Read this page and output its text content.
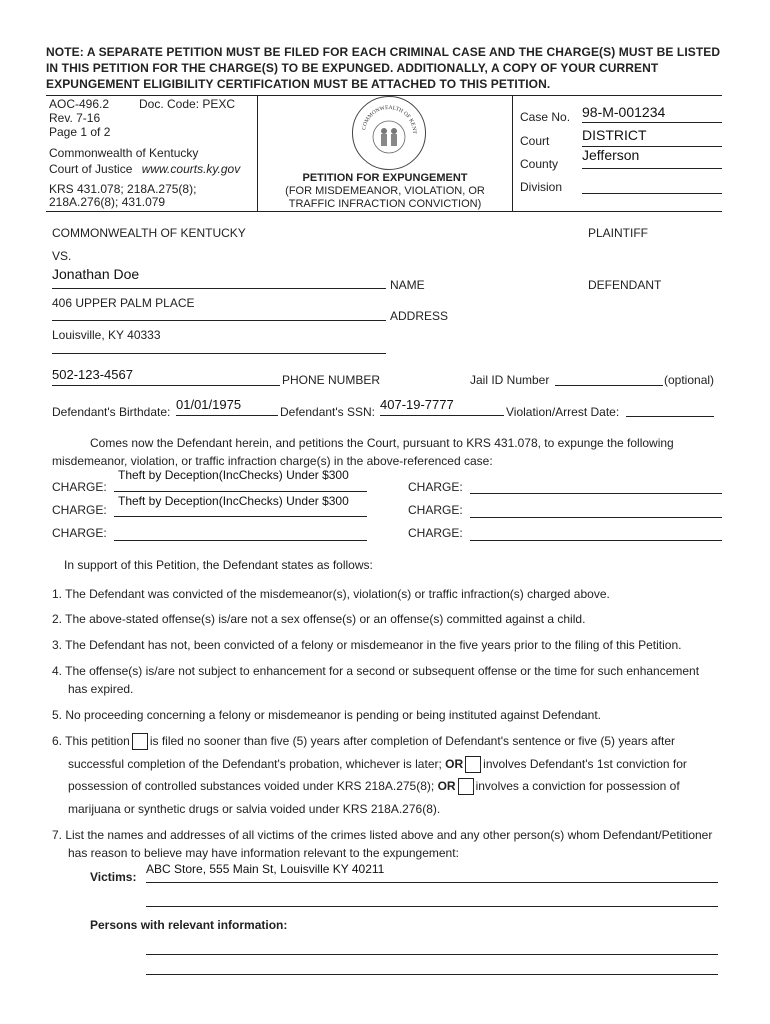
NOTE: A SEPARATE PETITION MUST BE FILED FOR EACH CRIMINAL CASE AND THE CHARGE(S) MUST BE LISTED IN THIS PETITION FOR THE CHARGE(S) TO BE EXPUNGED. ADDITIONALLY, A COPY OF YOUR CURRENT EXPUNGEMENT ELIGIBILITY CERTIFICATION MUST BE ATTACHED TO THIS PETITION.
AOC-496.2 Doc. Code: PEXC
Rev. 7-16
Page 1 of 2
Commonwealth of Kentucky
Court of Justice www.courts.ky.gov
KRS 431.078; 218A.275(8);
218A.276(8); 431.079
COMMONWEALTH OF KENT
PETITION FOR EXPUNGEMENT
(FOR MISDEMEANOR, VIOLATION, OR
TRAFFIC INFRACTION CONVICTION)
Case No. 98-M-001234
Court DISTRICT
County
Jefferson
Division
COMMONWEALTH OF KENTUCKY	PLAINTIFF
VS.
Jonathan Doe
NAME	DEFENDANT
406 UPPER PALM PLACE
ADDRESS
Louisville, KY 40333
502-123-4567	PHONE NUMBER	Jail ID Number	(optional)
Defendant's Birthdate: 01/01/1975	Defendant's SSN: 407-19-7777	Violation/Arrest Date:
Comes now the Defendant herein, and petitions the Court, pursuant to KRS 431.078, to expunge the following
misdemeanor, violation, or traffic infraction charge(s) in the above-referenced case:
CHARGE:
Theft by Deception(IncChecks) Under $300
CHARGE:
Theft by Deception(IncChecks) Under $300
CHARGE:
CHARGE:
CHARGE:
CHARGE:
In support of this Petition, the Defendant states as follows:
1. The Defendant was convicted of the misdemeanor(s), violation(s) or traffic infraction(s) charged above.
2. The above-stated offense(s) is/are not a sex offense(s) or an offense(s) committed against a child.
3. The Defendant has not, been convicted of a felony or misdemeanor in the five years prior to the filing of this Petition.
4. The offense(s) is/are not subject to enhancement for a second or subsequent offense or the time for such enhancement
has expired.
5. No proceeding concerning a felony or misdemeanor is pending or being instituted against Defendant.
6. This petition is filed no sooner than five (5) years after completion of Defendant's sentence or five (5) years after
successful completion of the Defendant's probation, whichever is later; OR involves Defendant's 1st conviction for
possession of controlled substances voided under KRS 218A.275(8); OR involves a conviction for possession of
marijuana or synthetic drugs or salvia voided under KRS 218A.276(8).
7. List the names and addresses of all victims of the crimes listed above and any other person(s) whom Defendant/Petitioner
has reason to believe may have information relevant to the expungement:
Victims:
ABC Store, 555 Main St, Louisville KY 40211
Persons with relevant information:
